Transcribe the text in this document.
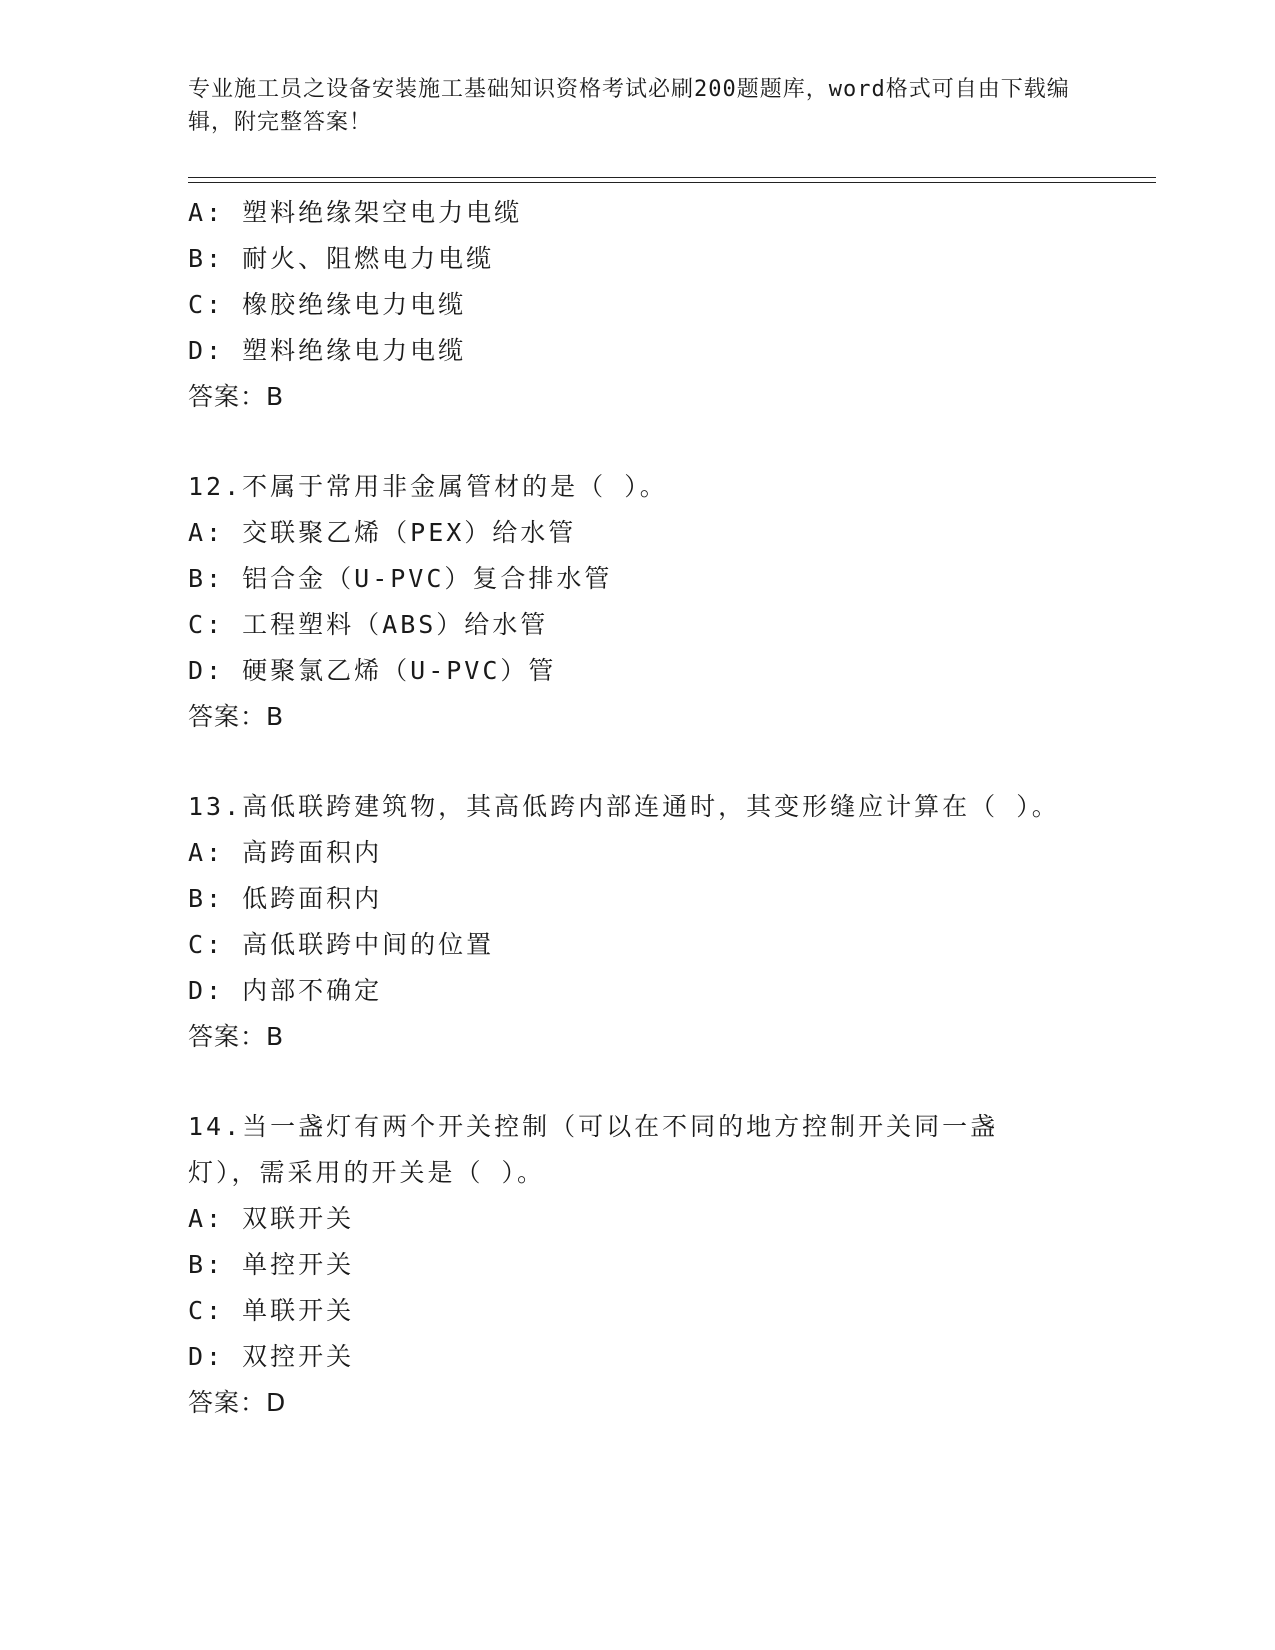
专业施工员之设备安装施工基础知识资格考试必刷200题题库，word格式可自由下载编辑，附完整答案！
A: 塑料绝缘架空电力电缆
B: 耐火、阻燃电力电缆
C: 橡胶绝缘电力电缆
D: 塑料绝缘电力电缆
答案：B
12.不属于常用非金属管材的是（ ）。
A: 交联聚乙烯（PEX）给水管
B: 铝合金（U-PVC）复合排水管
C: 工程塑料（ABS）给水管
D: 硬聚氯乙烯（U-PVC）管
答案：B
13.高低联跨建筑物，其高低跨内部连通时，其变形缝应计算在（ ）。
A: 高跨面积内
B: 低跨面积内
C: 高低联跨中间的位置
D: 内部不确定
答案：B
14.当一盏灯有两个开关控制（可以在不同的地方控制开关同一盏灯），需采用的开关是（ ）。
A: 双联开关
B: 单控开关
C: 单联开关
D: 双控开关
答案：D
